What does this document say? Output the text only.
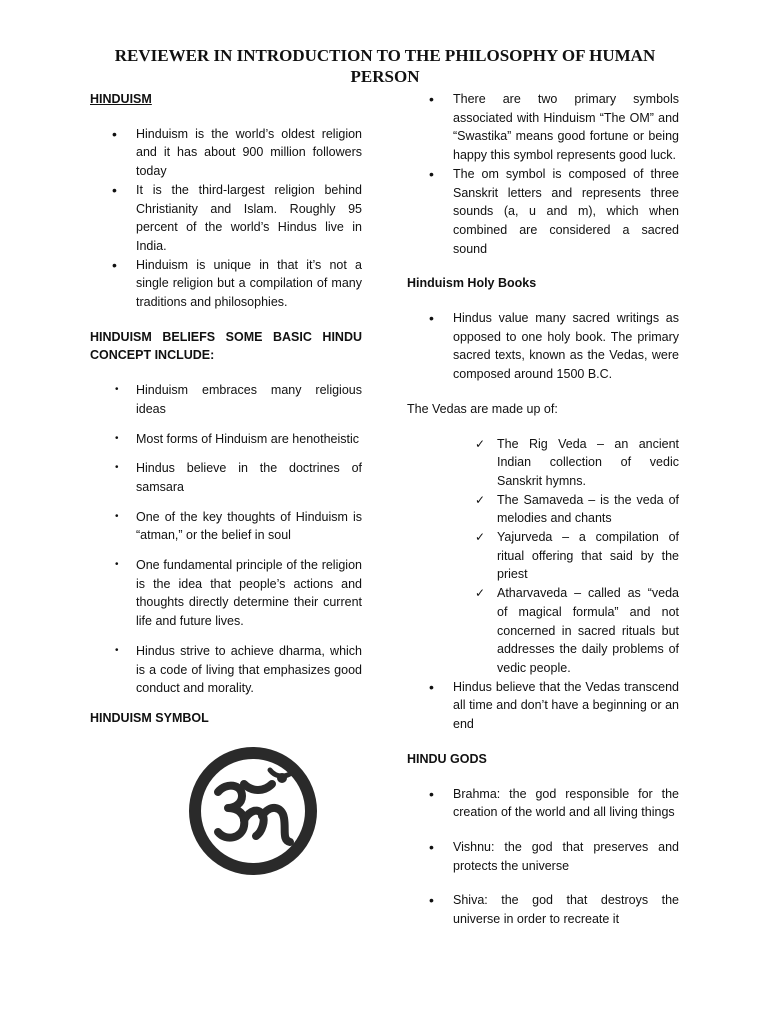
REVIEWER IN INTRODUCTION TO THE PHILOSOPHY OF HUMAN PERSON
HINDUISM
• Hinduism is the world’s oldest religion and it has about 900 million followers today
• It is the third-largest religion behind Christianity and Islam. Roughly 95 percent of the world’s Hindus live in India.
• Hinduism is unique in that it’s not a single religion but a compilation of many traditions and philosophies.
HINDUISM BELIEFS SOME BASIC HINDU CONCEPT INCLUDE:
• Hinduism embraces many religious ideas
• Most forms of Hinduism are henotheistic
• Hindus believe in the doctrines of samsara
• One of the key thoughts of Hinduism is “atman,” or the belief in soul
• One fundamental principle of the religion is the idea that people’s actions and thoughts directly determine their current life and future lives.
• Hindus strive to achieve dharma, which is a code of living that emphasizes good conduct and morality.
HINDUISM SYMBOL
• There are two primary symbols associated with Hinduism “The OM” and “Swastika” means good fortune or being happy this symbol represents good luck.
• The om symbol is composed of three Sanskrit letters and represents three sounds (a, u and m), which when combined are considered a sacred sound
Hinduism Holy Books
• Hindus value many sacred writings as opposed to one holy book. The primary sacred texts, known as the Vedas, were composed around 1500 B.C.
The Vedas are made up of:
✓ The Rig Veda – an ancient Indian collection of vedic Sanskrit hymns.
✓ The Samaveda – is the veda of melodies and chants
✓ Yajurveda – a compilation of ritual offering that said by the priest
✓ Atharvaveda – called as “veda of magical formula” and not concerned in sacred rituals but addresses the daily problems of vedic people.
• Hindus believe that the Vedas transcend all time and don’t have a beginning or an end
HINDU GODS
• Brahma: the god responsible for the creation of the world and all living things
• Vishnu: the god that preserves and protects the universe
• Shiva: the god that destroys the universe in order to recreate it
